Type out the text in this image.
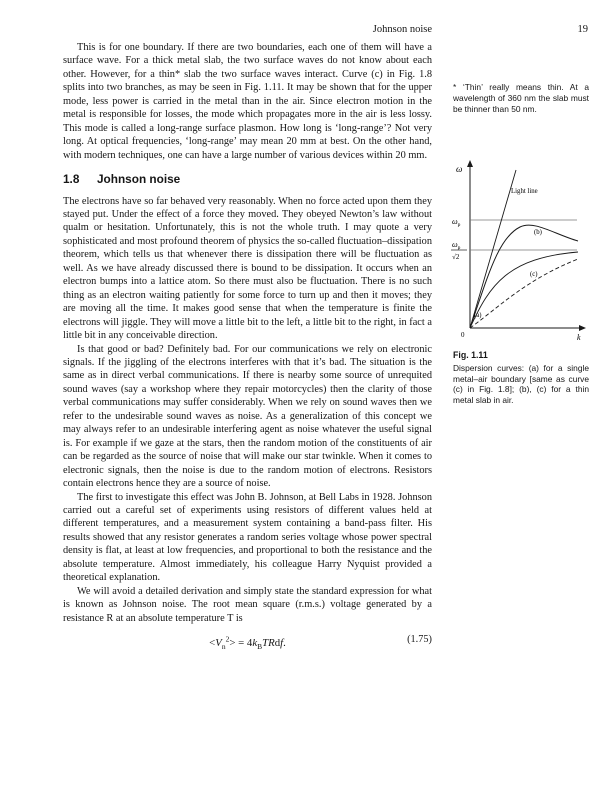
Johnson noise	19

This is for one boundary. If there are two boundaries, each one of them will have a surface wave. For a thick metal slab, the two surface waves do not know about each other. However, for a thin* slab the two surface waves interact. Curve (c) in Fig. 1.8 splits into two branches, as may be seen in Fig. 1.11. It may be shown that for the upper mode, less power is carried in the metal than in the air. Since electron motion in the metal is responsible for losses, the mode which propagates more in the air is less lossy. This mode is called a long-range surface plasmon. How long is ‘long-range’? Not very long. At optical frequencies, ‘long-range’ may mean 20 mm at best. On the other hand, with modern techniques, one can have a large number of various devices within 20 mm.

1.8 Johnson noise

The electrons have so far behaved very reasonably. When no force acted upon them they stayed put. Under the effect of a force they moved. They obeyed Newton’s law without qualm or hesitation. Unfortunately, this is not the whole truth. I may quote a very sophisticated and most profound theorem of physics the so-called fluctuation–dissipation theorem, which tells us that whenever there is dissipation there will be fluctuation as well. As we have already discussed there is bound to be dissipation. It occurs when an electron bumps into a lattice atom. So there must also be fluctuation. There is no such thing as an electron waiting patiently for some force to turn up and then it moves; they are moving all the time. It makes good sense that when the temperature is finite the electrons will jiggle. They will move a little bit to the left, a little bit to the right, in fact a little bit in any conceivable direction.

Is that good or bad? Definitely bad. For our communications we rely on electronic signals. If the jiggling of the electrons interferes with that it’s bad. The situation is the same as in direct verbal communications. If there is nearby some source of unrequited sound waves (say a workshop where they repair motorcycles) then the clarity of those verbal communications may suffer considerably. When we rely on sound waves then we refer to the undesirable sound waves as noise. As a generalization of this concept we may always refer to an undesirable interfering agent as noise whatever the useful signal is. For example if we gaze at the stars, then the random motion of the constituents of air can be regarded as the source of noise that will make our star twinkle. When it comes to electronic signals, then the noise is due to the random motion of electrons. Resistors contain electrons hence they are a source of noise.

The first to investigate this effect was John B. Johnson, at Bell Labs in 1928. Johnson carried out a careful set of experiments using resistors of different values held at different temperatures, and a measurement system containing a band-pass filter. His results showed that any resistor generates a random series voltage whose power spectral density is flat, at least at low frequencies, and proportional to both the resistance and the absolute temperature. Almost immediately, his colleague Harry Nyquist provided a theoretical explanation.

We will avoid a detailed derivation and simply state the standard expression for what is known as Johnson noise. The root mean square (r.m.s.) voltage generated by a resistance R at an absolute temperature T is

$<V_n^2>$ = $4k_BTRdf$.	(1.75)

* ‘Thin’ really means thin. At a wavelength of 360 nm the slab must be thinner than 50 nm.

ω
Light line
$\omega_p$
$\omega_p$
√2
(b)
(c)
(a)
0	k

Fig. 1.11

Dispersion curves: (a) for a single metal–air boundary [same as curve (c) in Fig. 1.8]; (b), (c) for a thin metal slab in air.
